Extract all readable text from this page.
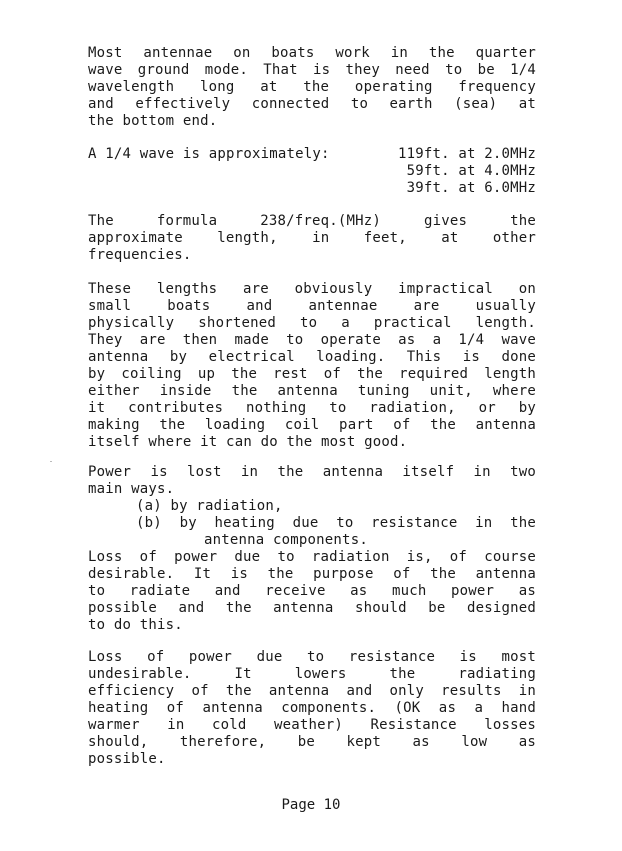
Most antennae on boats work in the quarter
wave ground mode. That is they need to be 1/4
wavelength long at the operating frequency
and effectively connected to earth (sea) at
the bottom end.
A 1/4 wave is approximately:	119ft. at 2.0MHz
59ft. at 4.0MHz
39ft. at 6.0MHz
The formula 238/freq.(MHz) gives the
approximate length, in feet, at other
frequencies.
These lengths are obviously impractical on
small boats and antennae are usually
physically shortened to a practical length.
They are then made to operate as a 1/4 wave
antenna by electrical loading. This is done
by coiling up the rest of the required length
either inside the antenna tuning unit, where
it contributes nothing to radiation, or by
making the loading coil part of the antenna
itself where it can do the most good.
Power is lost in the antenna itself in two
main ways.
(a) by radiation,
(b) by heating due to resistance in the
antenna components.
Loss of power due to radiation is, of course
desirable. It is the purpose of the antenna
to radiate and receive as much power as
possible and the antenna should be designed
to do this.
Loss of power due to resistance is most
undesirable. It lowers the radiating
efficiency of the antenna and only results in
heating of antenna components. (OK as a hand
warmer in cold weather) Resistance losses
should, therefore, be kept as low as
possible.
Page 10
